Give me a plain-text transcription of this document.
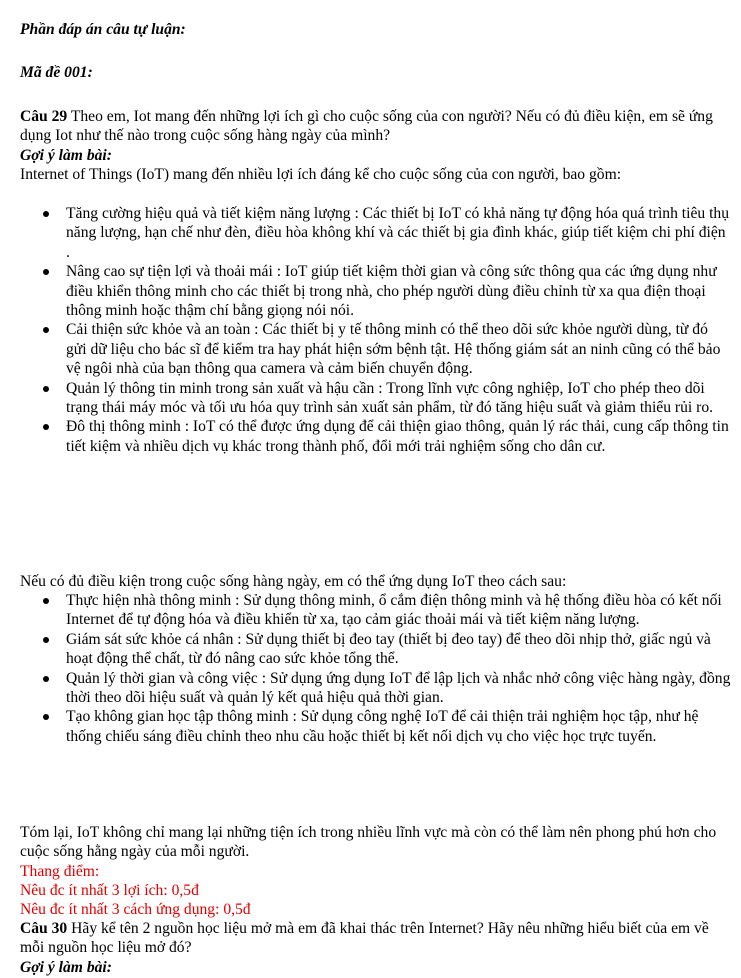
Phần đáp án câu tự luận:
Mã đề 001:
Câu 29 Theo em, Iot mang đến những lợi ích gì cho cuộc sống của con người? Nếu có đủ điều kiện, em sẽ ứng dụng Iot như thế nào trong cuộc sống hàng ngày của mình?
Gợi ý làm bài:
Internet of Things (IoT) mang đến nhiều lợi ích đáng kể cho cuộc sống của con người, bao gồm:
Tăng cường hiệu quả và tiết kiệm năng lượng : Các thiết bị IoT có khả năng tự động hóa quá trình tiêu thụ năng lượng, hạn chế như đèn, điều hòa không khí và các thiết bị gia đình khác, giúp tiết kiệm chi phí điện .
Nâng cao sự tiện lợi và thoải mái : IoT giúp tiết kiệm thời gian và công sức thông qua các ứng dụng như điều khiển thông minh cho các thiết bị trong nhà, cho phép người dùng điều chỉnh từ xa qua điện thoại thông minh hoặc thậm chí bằng giọng nói nói.
Cải thiện sức khỏe và an toàn : Các thiết bị y tế thông minh có thể theo dõi sức khỏe người dùng, từ đó gửi dữ liệu cho bác sĩ để kiểm tra hay phát hiện sớm bệnh tật. Hệ thống giám sát an ninh cũng có thể bảo vệ ngôi nhà của bạn thông qua camera và cảm biến chuyển động.
Quản lý thông tin minh trong sản xuất và hậu cần : Trong lĩnh vực công nghiệp, IoT cho phép theo dõi trạng thái máy móc và tối ưu hóa quy trình sản xuất sản phẩm, từ đó tăng hiệu suất và giảm thiểu rủi ro.
Đô thị thông minh : IoT có thể được ứng dụng để cải thiện giao thông, quản lý rác thải, cung cấp thông tin tiết kiệm và nhiều dịch vụ khác trong thành phố, đổi mới trải nghiệm sống cho dân cư.
Nếu có đủ điều kiện trong cuộc sống hàng ngày, em có thể ứng dụng IoT theo cách sau:
Thực hiện nhà thông minh : Sử dụng thông minh, ổ cắm điện thông minh và hệ thống điều hòa có kết nối Internet để tự động hóa và điều khiển từ xa, tạo cảm giác thoải mái và tiết kiệm năng lượng.
Giám sát sức khỏe cá nhân : Sử dụng thiết bị đeo tay (thiết bị đeo tay) để theo dõi nhịp thở, giấc ngủ và hoạt động thể chất, từ đó nâng cao sức khỏe tổng thể.
Quản lý thời gian và công việc : Sử dụng ứng dụng IoT để lập lịch và nhắc nhở công việc hàng ngày, đồng thời theo dõi hiệu suất và quản lý kết quả hiệu quả thời gian.
Tạo không gian học tập thông minh : Sử dụng công nghệ IoT để cải thiện trải nghiệm học tập, như hệ thống chiếu sáng điều chỉnh theo nhu cầu hoặc thiết bị kết nối dịch vụ cho việc học trực tuyến.
Tóm lại, IoT không chỉ mang lại những tiện ích trong nhiều lĩnh vực mà còn có thể làm nên phong phú hơn cho cuộc sống hằng ngày của mỗi người.
Thang điểm:
Nêu đc ít nhất 3 lợi ích: 0,5đ
Nêu đc ít nhất 3 cách ứng dụng: 0,5đ
Câu 30 Hãy kể tên 2 nguồn học liệu mở mà em đã khai thác trên Internet? Hãy nêu những hiểu biết của em về mỗi nguồn học liệu mở đó?
Gợi ý làm bài:
